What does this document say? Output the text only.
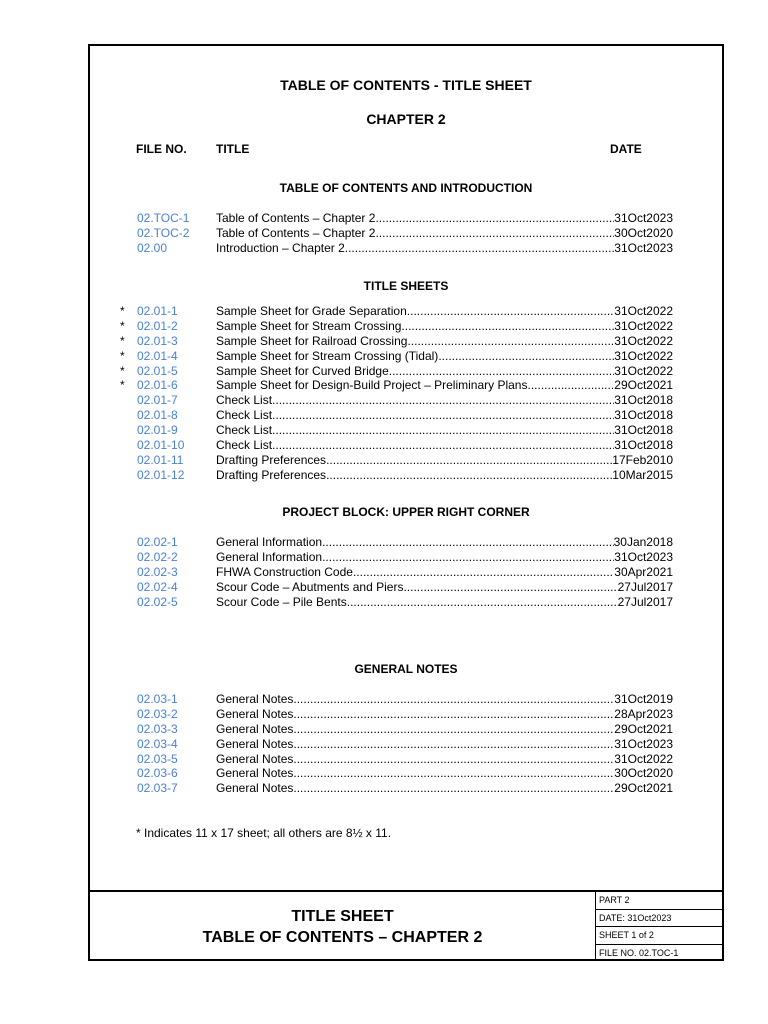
TABLE OF CONTENTS - TITLE SHEET
CHAPTER 2
FILE NO. TITLE	DATE
TABLE OF CONTENTS AND INTRODUCTION
02.TOC-1 Table of Contents – Chapter 2 .....	31Oct2023
02.TOC-2 Table of Contents – Chapter 2 .....	30Oct2020
02.00	Introduction – Chapter 2 .....	31Oct2023
TITLE SHEETS
* 02.01-1	Sample Sheet for Grade Separation .....	31Oct2022
* 02.01-2	Sample Sheet for Stream Crossing .....	31Oct2022
* 02.01-3	Sample Sheet for Railroad Crossing .....	31Oct2022
* 02.01-4	Sample Sheet for Stream Crossing (Tidal) .....	31Oct2022
* 02.01-5	Sample Sheet for Curved Bridge .....	31Oct2022
* 02.01-6	Sample Sheet for Design-Build Project – Preliminary Plans .....	29Oct2021
02.01-7	Check List .....	31Oct2018
02.01-8	Check List .....	31Oct2018
02.01-9	Check List .....	31Oct2018
02.01-10	Check List .....	31Oct2018
02.01-11	Drafting Preferences .....	17Feb2010
02.01-12	Drafting Preferences .....	10Mar2015
PROJECT BLOCK: UPPER RIGHT CORNER
02.02-1	General Information .....	30Jan2018
02.02-2	General Information .....	31Oct2023
02.02-3	FHWA Construction Code .....	30Apr2021
02.02-4	Scour Code – Abutments and Piers .....	27Jul2017
02.02-5	Scour Code – Pile Bents .....	27Jul2017
GENERAL NOTES
02.03-1	General Notes .....	31Oct2019
02.03-2	General Notes .....	28Apr2023
02.03-3	General Notes .....	29Oct2021
02.03-4	General Notes .....	31Oct2023
02.03-5	General Notes .....	31Oct2022
02.03-6	General Notes .....	30Oct2020
02.03-7	General Notes .....	29Oct2021
* Indicates 11 x 17 sheet; all others are 8½ x 11.
TITLE SHEET
TABLE OF CONTENTS – CHAPTER 2
PART 2
DATE: 31Oct2023
SHEET 1 of 2
FILE NO. 02.TOC-1
